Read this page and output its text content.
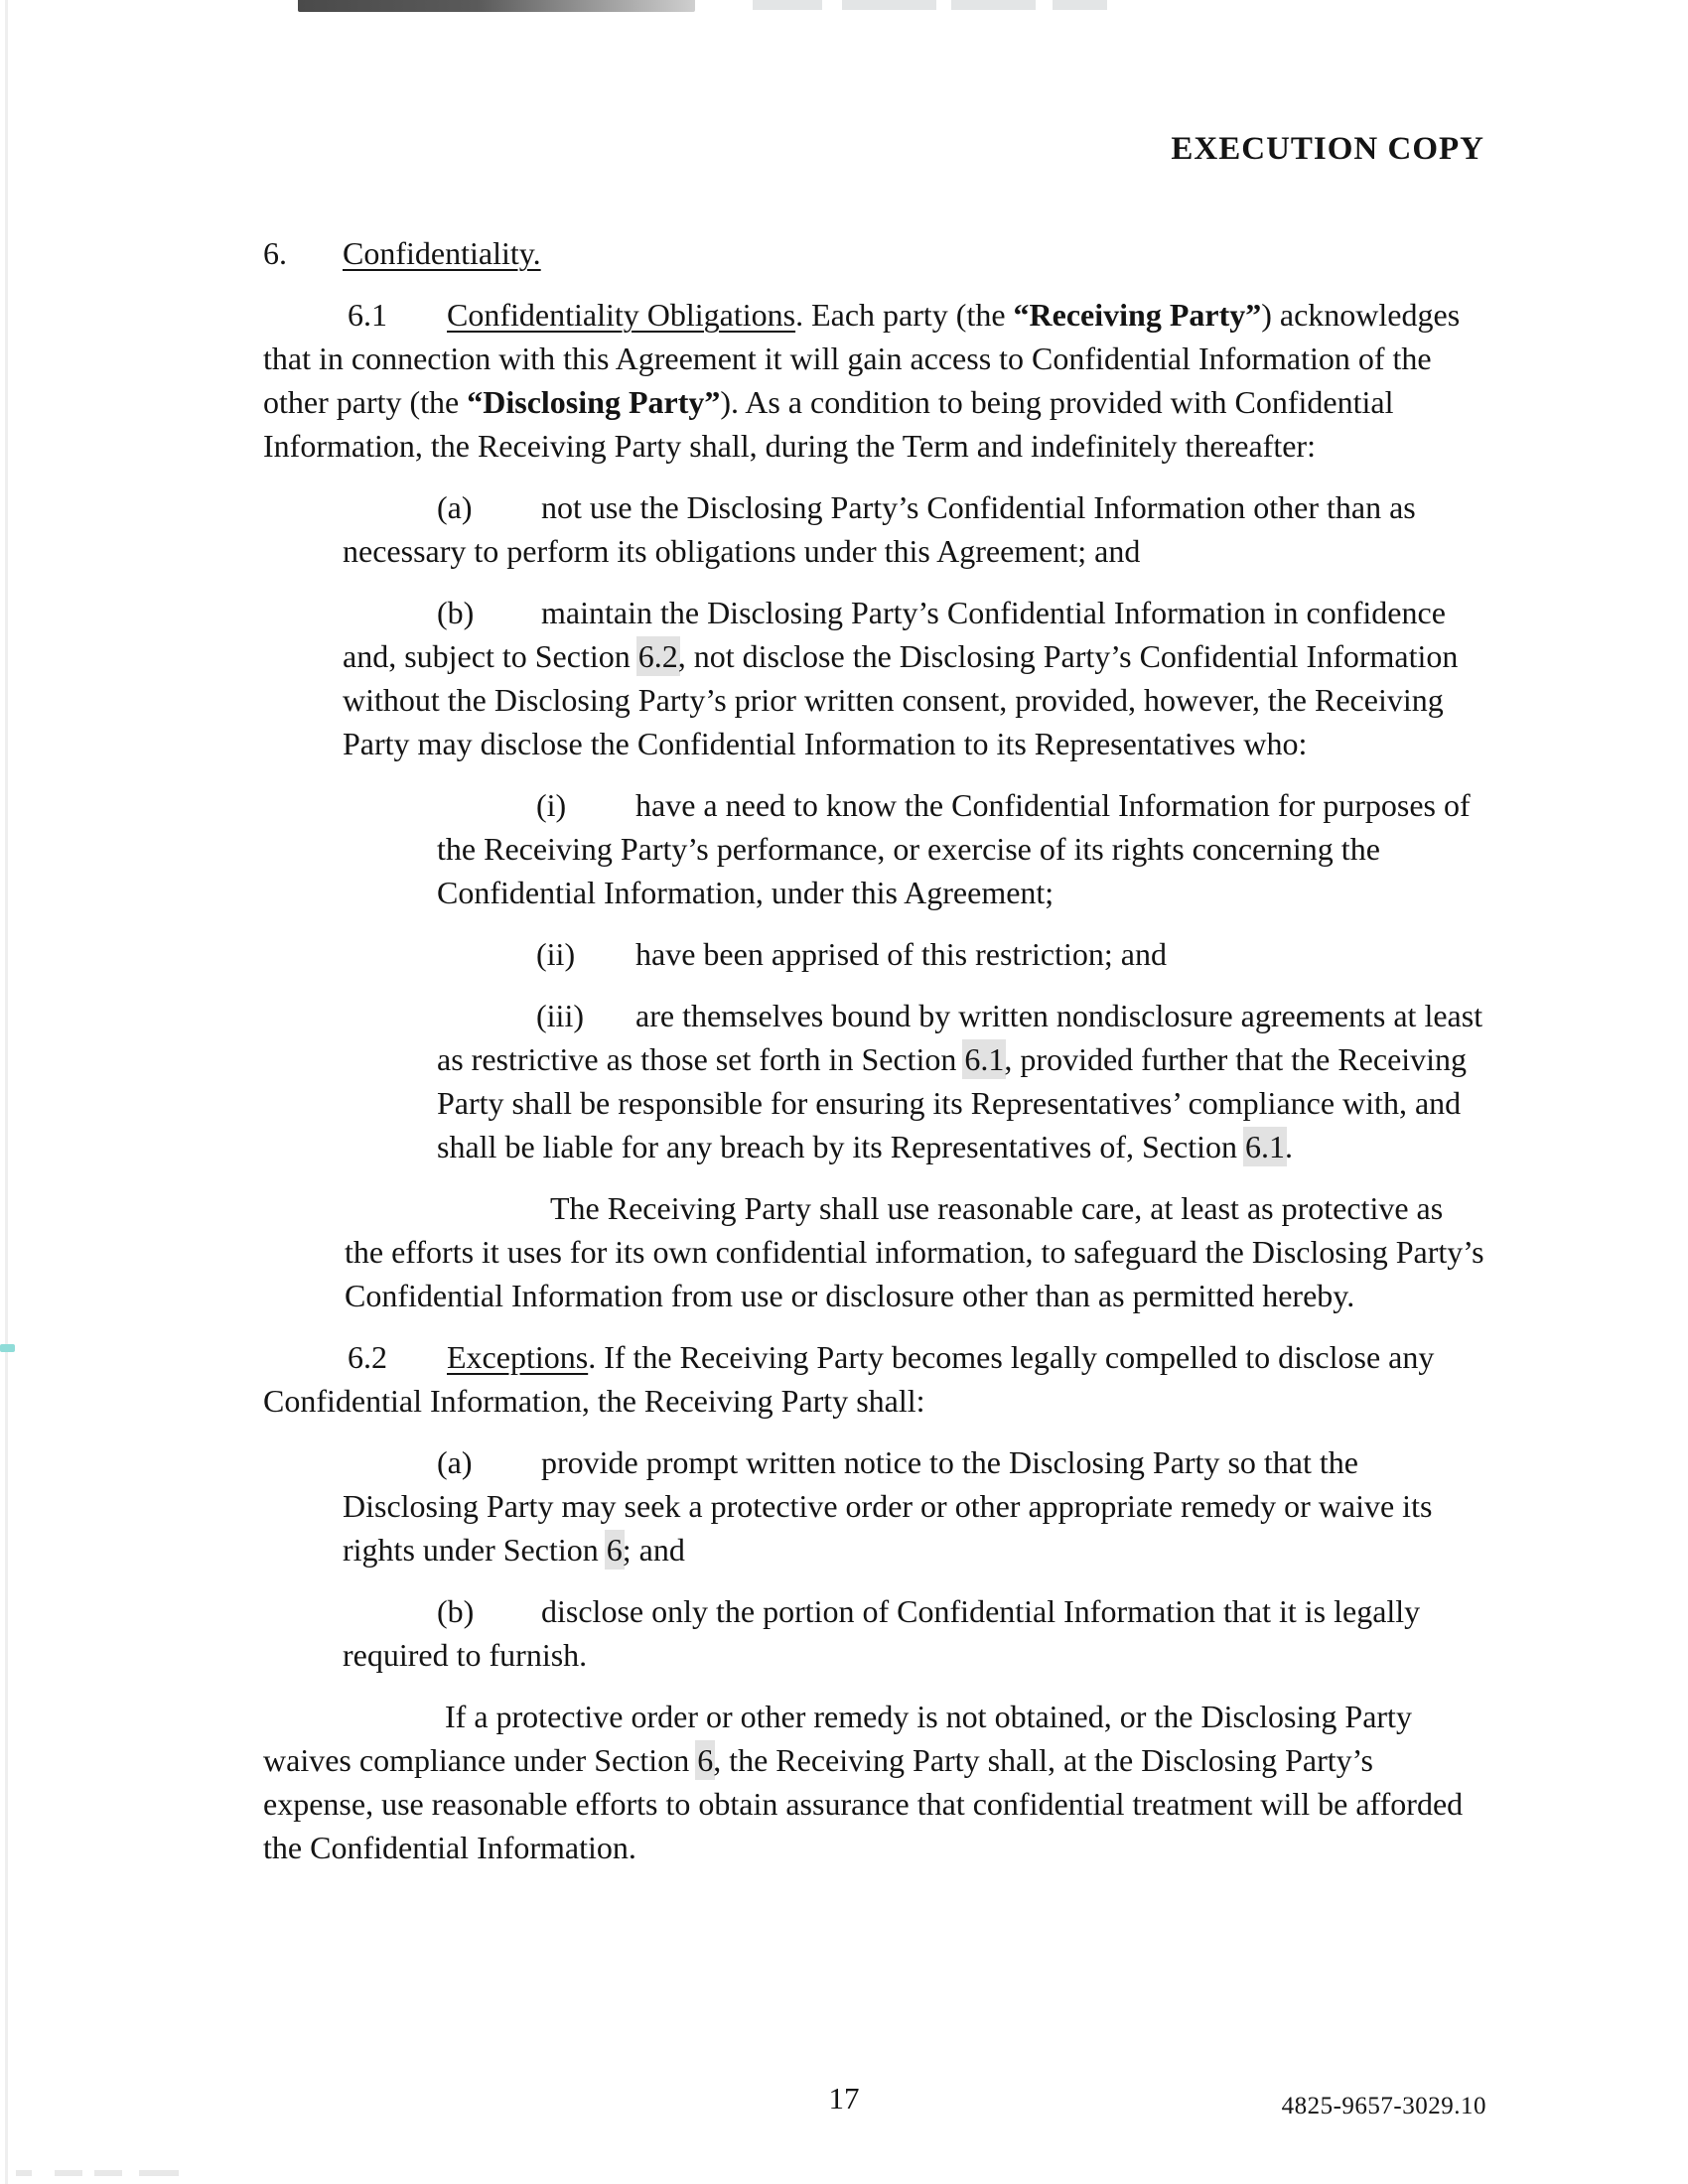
EXECUTION COPY

6. Confidentiality.

6.1 Confidentiality Obligations. Each party (the “Receiving Party”) acknowledges that in connection with this Agreement it will gain access to Confidential Information of the other party (the “Disclosing Party”). As a condition to being provided with Confidential Information, the Receiving Party shall, during the Term and indefinitely thereafter:

(a) not use the Disclosing Party’s Confidential Information other than as necessary to perform its obligations under this Agreement; and

(b) maintain the Disclosing Party’s Confidential Information in confidence and, subject to Section 6.2, not disclose the Disclosing Party’s Confidential Information without the Disclosing Party’s prior written consent, provided, however, the Receiving Party may disclose the Confidential Information to its Representatives who:

(i) have a need to know the Confidential Information for purposes of the Receiving Party’s performance, or exercise of its rights concerning the Confidential Information, under this Agreement;

(ii) have been apprised of this restriction; and

(iii) are themselves bound by written nondisclosure agreements at least as restrictive as those set forth in Section 6.1, provided further that the Receiving Party shall be responsible for ensuring its Representatives’ compliance with, and shall be liable for any breach by its Representatives of, Section 6.1.

The Receiving Party shall use reasonable care, at least as protective as the efforts it uses for its own confidential information, to safeguard the Disclosing Party’s Confidential Information from use or disclosure other than as permitted hereby.

6.2 Exceptions. If the Receiving Party becomes legally compelled to disclose any Confidential Information, the Receiving Party shall:

(a) provide prompt written notice to the Disclosing Party so that the Disclosing Party may seek a protective order or other appropriate remedy or waive its rights under Section 6; and

(b) disclose only the portion of Confidential Information that it is legally required to furnish.

If a protective order or other remedy is not obtained, or the Disclosing Party waives compliance under Section 6, the Receiving Party shall, at the Disclosing Party’s expense, use reasonable efforts to obtain assurance that confidential treatment will be afforded the Confidential Information.

17	4825-9657-3029.10
